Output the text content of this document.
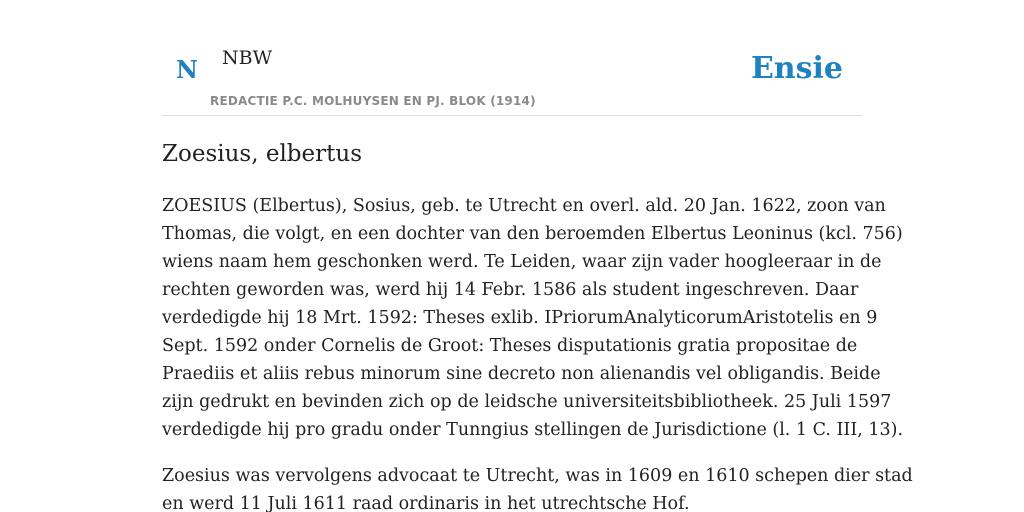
N NBW
REDACTIE P.C. MOLHUYSEN EN PJ. BLOK (1914)
Ensie
Zoesius, elbertus

ZOESIUS (Elbertus), Sosius, geb. te Utrecht en overl. ald. 20 Jan. 1622, zoon van
Thomas, die volgt, en een dochter van den beroemden Elbertus Leoninus (kcl. 756)
wiens naam hem geschonken werd. Te Leiden, waar zijn vader hoogleeraar in de
rechten geworden was, werd hij 14 Febr. 1586 als student ingeschreven. Daar
verdedigde hij 18 Mrt. 1592: Theses exlib. IPriorumAnalyticorumAristotelis en 9
Sept. 1592 onder Cornelis de Groot: Theses disputationis gratia propositae de
Praediis et aliis rebus minorum sine decreto non alienandis vel obligandis. Beide
zijn gedrukt en bevinden zich op de leidsche universiteitsbibliotheek. 25 Juli 1597
verdedigde hij pro gradu onder Tunngius stellingen de Jurisdictione (l. 1 C. III, 13).

Zoesius was vervolgens advocaat te Utrecht, was in 1609 en 1610 schepen dier stad
en werd 11 Juli 1611 raad ordinaris in het utrechtsche Hof.
